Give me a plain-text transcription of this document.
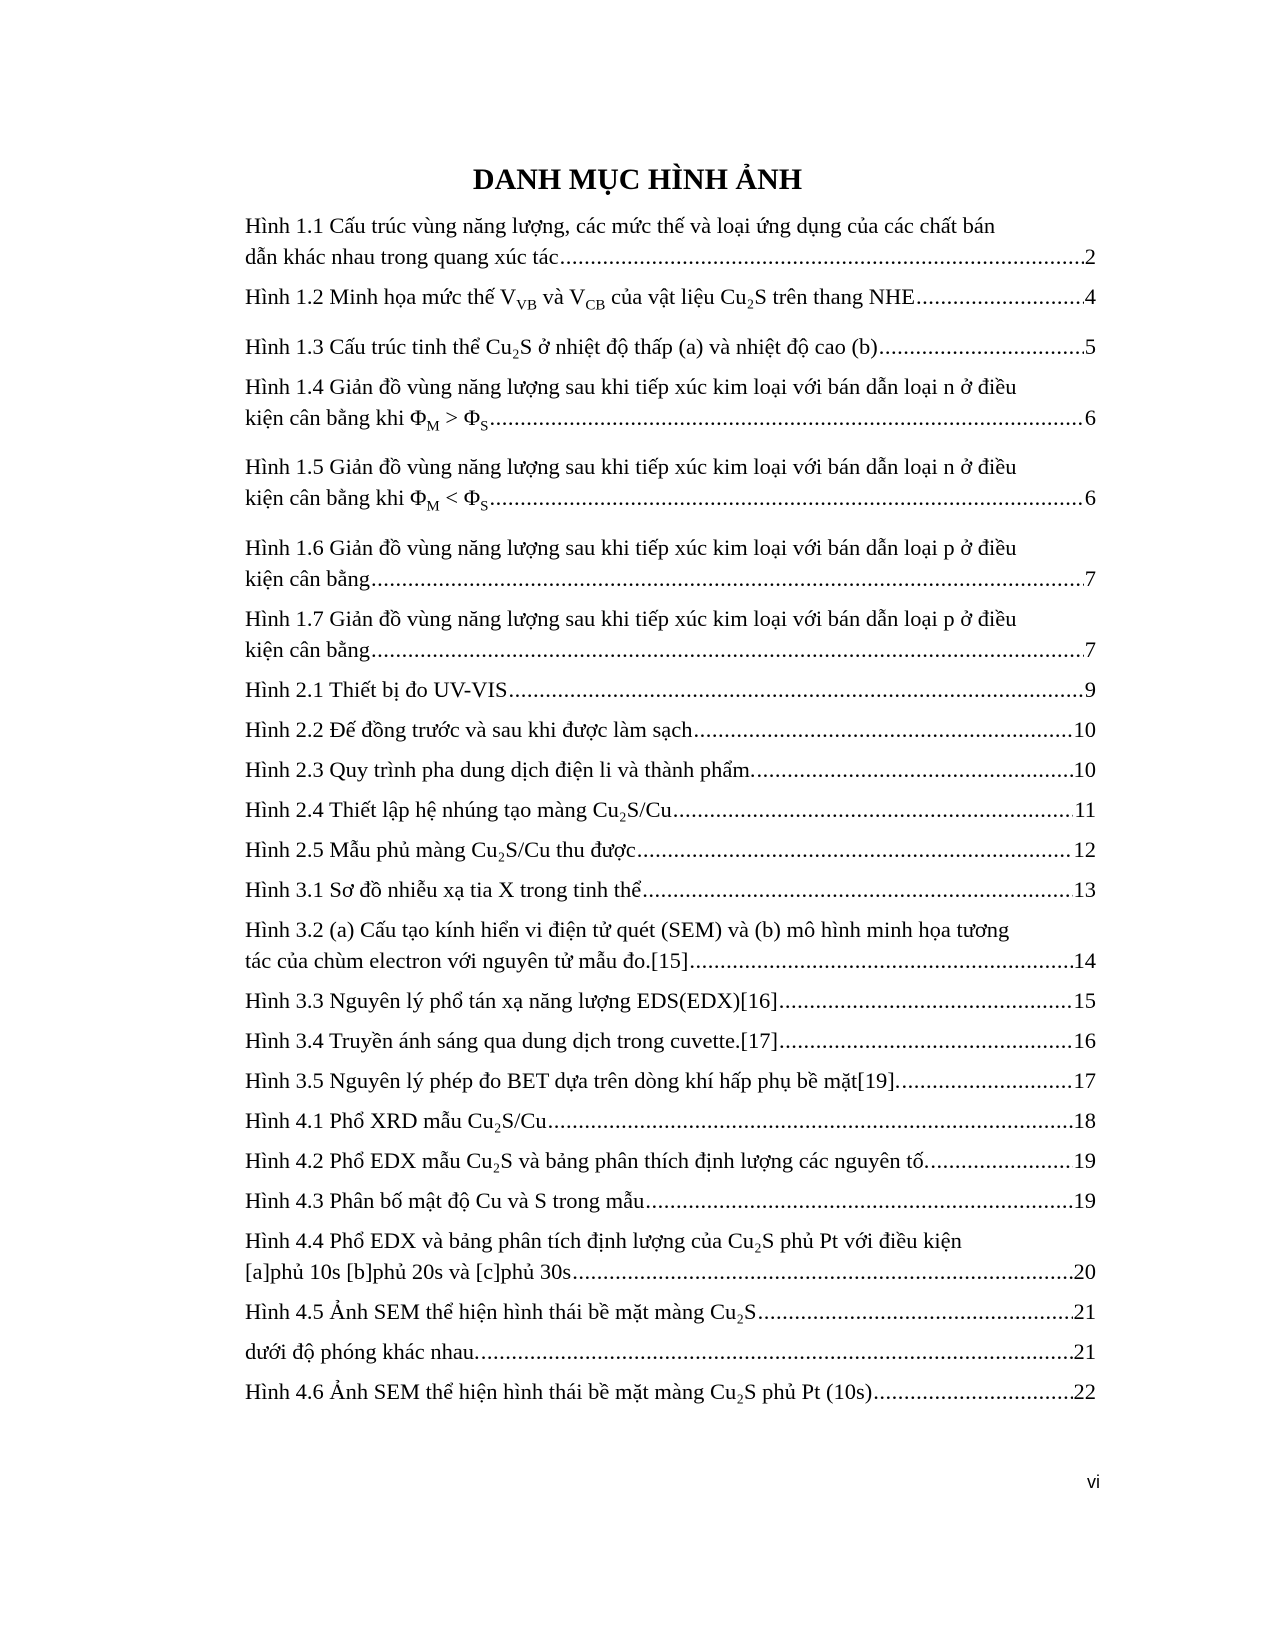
DANH MỤC HÌNH ẢNH
Hình 1.1 Cấu trúc vùng năng lượng, các mức thế và loại ứng dụng của các chất bán
dẫn khác nhau trong quang xúc tác .....	2
Hình 1.2 Minh họa mức thế $V_{VB}$ và $V_{CB}$ của vật liệu Cu₂S trên thang NHE .....	4
Hình 1.3 Cấu trúc tinh thể Cu₂S ở nhiệt độ thấp (a) và nhiệt độ cao (b) .....	5
Hình 1.4 Giản đồ vùng năng lượng sau khi tiếp xúc kim loại với bán dẫn loại n ở điều
kiện cân bằng khi $\Phi_M > \Phi_S$ .....	6
Hình 1.5 Giản đồ vùng năng lượng sau khi tiếp xúc kim loại với bán dẫn loại n ở điều
kiện cân bằng khi $\Phi_M < \Phi_S$ .....	6
Hình 1.6 Giản đồ vùng năng lượng sau khi tiếp xúc kim loại với bán dẫn loại p ở điều
kiện cân bằng .....	7
Hình 1.7 Giản đồ vùng năng lượng sau khi tiếp xúc kim loại với bán dẫn loại p ở điều
kiện cân bằng .....	7
Hình 2.1 Thiết bị đo UV-VIS .....	9
Hình 2.2 Đế đồng trước và sau khi được làm sạch .....	10
Hình 2.3 Quy trình pha dung dịch điện li và thành phẩm. .....	10
Hình 2.4 Thiết lập hệ nhúng tạo màng Cu₂S/Cu .....	11
Hình 2.5 Mẫu phủ màng Cu₂S/Cu thu được .....	12
Hình 3.1 Sơ đồ nhiễu xạ tia X trong tinh thể .....	13
Hình 3.2 (a) Cấu tạo kính hiển vi điện tử quét (SEM) và (b) mô hình minh họa tương
tác của chùm electron với nguyên tử mẫu đo.[15] .....	14
Hình 3.3 Nguyên lý phổ tán xạ năng lượng EDS(EDX)[16] .....	15
Hình 3.4 Truyền ánh sáng qua dung dịch trong cuvette.[17] .....	16
Hình 3.5 Nguyên lý phép đo BET dựa trên dòng khí hấp phụ bề mặt[19]. .....	17
Hình 4.1 Phổ XRD mẫu Cu₂S/Cu .....	18
Hình 4.2 Phổ EDX mẫu Cu₂S và bảng phân thích định lượng các nguyên tố. .....	19
Hình 4.3 Phân bố mật độ Cu và S trong mẫu .....	19
Hình 4.4 Phổ EDX và bảng phân tích định lượng của Cu₂S phủ Pt với điều kiện
[a]phủ 10s [b]phủ 20s và [c]phủ 30s .....	20
Hình 4.5 Ảnh SEM thể hiện hình thái bề mặt màng Cu₂S .....	21
dưới độ phóng khác nhau. .....	21
Hình 4.6 Ảnh SEM thể hiện hình thái bề mặt màng Cu₂S phủ Pt (10s) .....	22
vi
